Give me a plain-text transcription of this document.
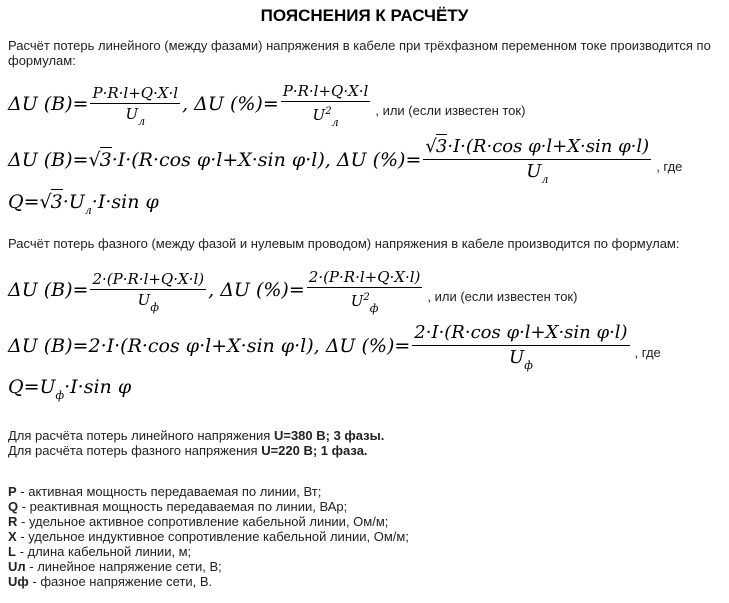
ПОЯСНЕНИЯ К РАСЧЁТУ

Расчёт потерь линейного (между фазами) напряжения в кабеле при трёхфазном переменном токе производится по формулам:

ΔU $(В)= \frac{P\cdot R\cdot l+Q\cdot X\cdot l}{U_л}$ , ΔU (%)= $\frac{P\cdot R\cdot l+Q\cdot X\cdot l}{U^2_л}$ , или (если известен ток)
ΔU (В)=√3·I·(R·cos φ·l+X·sin φ·l), ΔU (%)= $\frac{\text{√3·I·(R·cos φ·l+X·sin φ·l)}}{U_л}$ , где
$Q=√3\cdot U_л\cdot I\cdot\sin$ φ

Расчёт потерь фазного (между фазой и нулевым проводом) напряжения в кабеле производится по формулам:

ΔU $(В)= \frac{2\cdot(P\cdot R\cdot l+Q\cdot X\cdot l)}{U_ф}$ , ΔU (%)= $\frac{2\cdot(P\cdot R\cdot l+Q\cdot X\cdot l)}{U^2_ф}$ , или (если известен ток)
ΔU (В)=2·I·(R·cos φ·l+X·sin φ·l), ΔU (%)= $\frac{\text{2·I·(R·cos φ·l+X·sin φ·l)}}{U_ф}$ , где
$Q=U_ф\cdot I\cdot\sin$ φ
Для расчёта потерь линейного напряжения U=380 В; 3 фазы.
Для расчёта потерь фазного напряжения U=220 В; 1 фаза.
P - активная мощность передаваемая по линии, Вт;
Q - реактивная мощность передаваемая по линии, ВАр;
R - удельное активное сопротивление кабельной линии, Ом/м;
X - удельное индуктивное сопротивление кабельной линии, Ом/м;
L - длина кабельной линии, м;
Uл - линейное напряжение сети, В;
Uф - фазное напряжение сети, В.
